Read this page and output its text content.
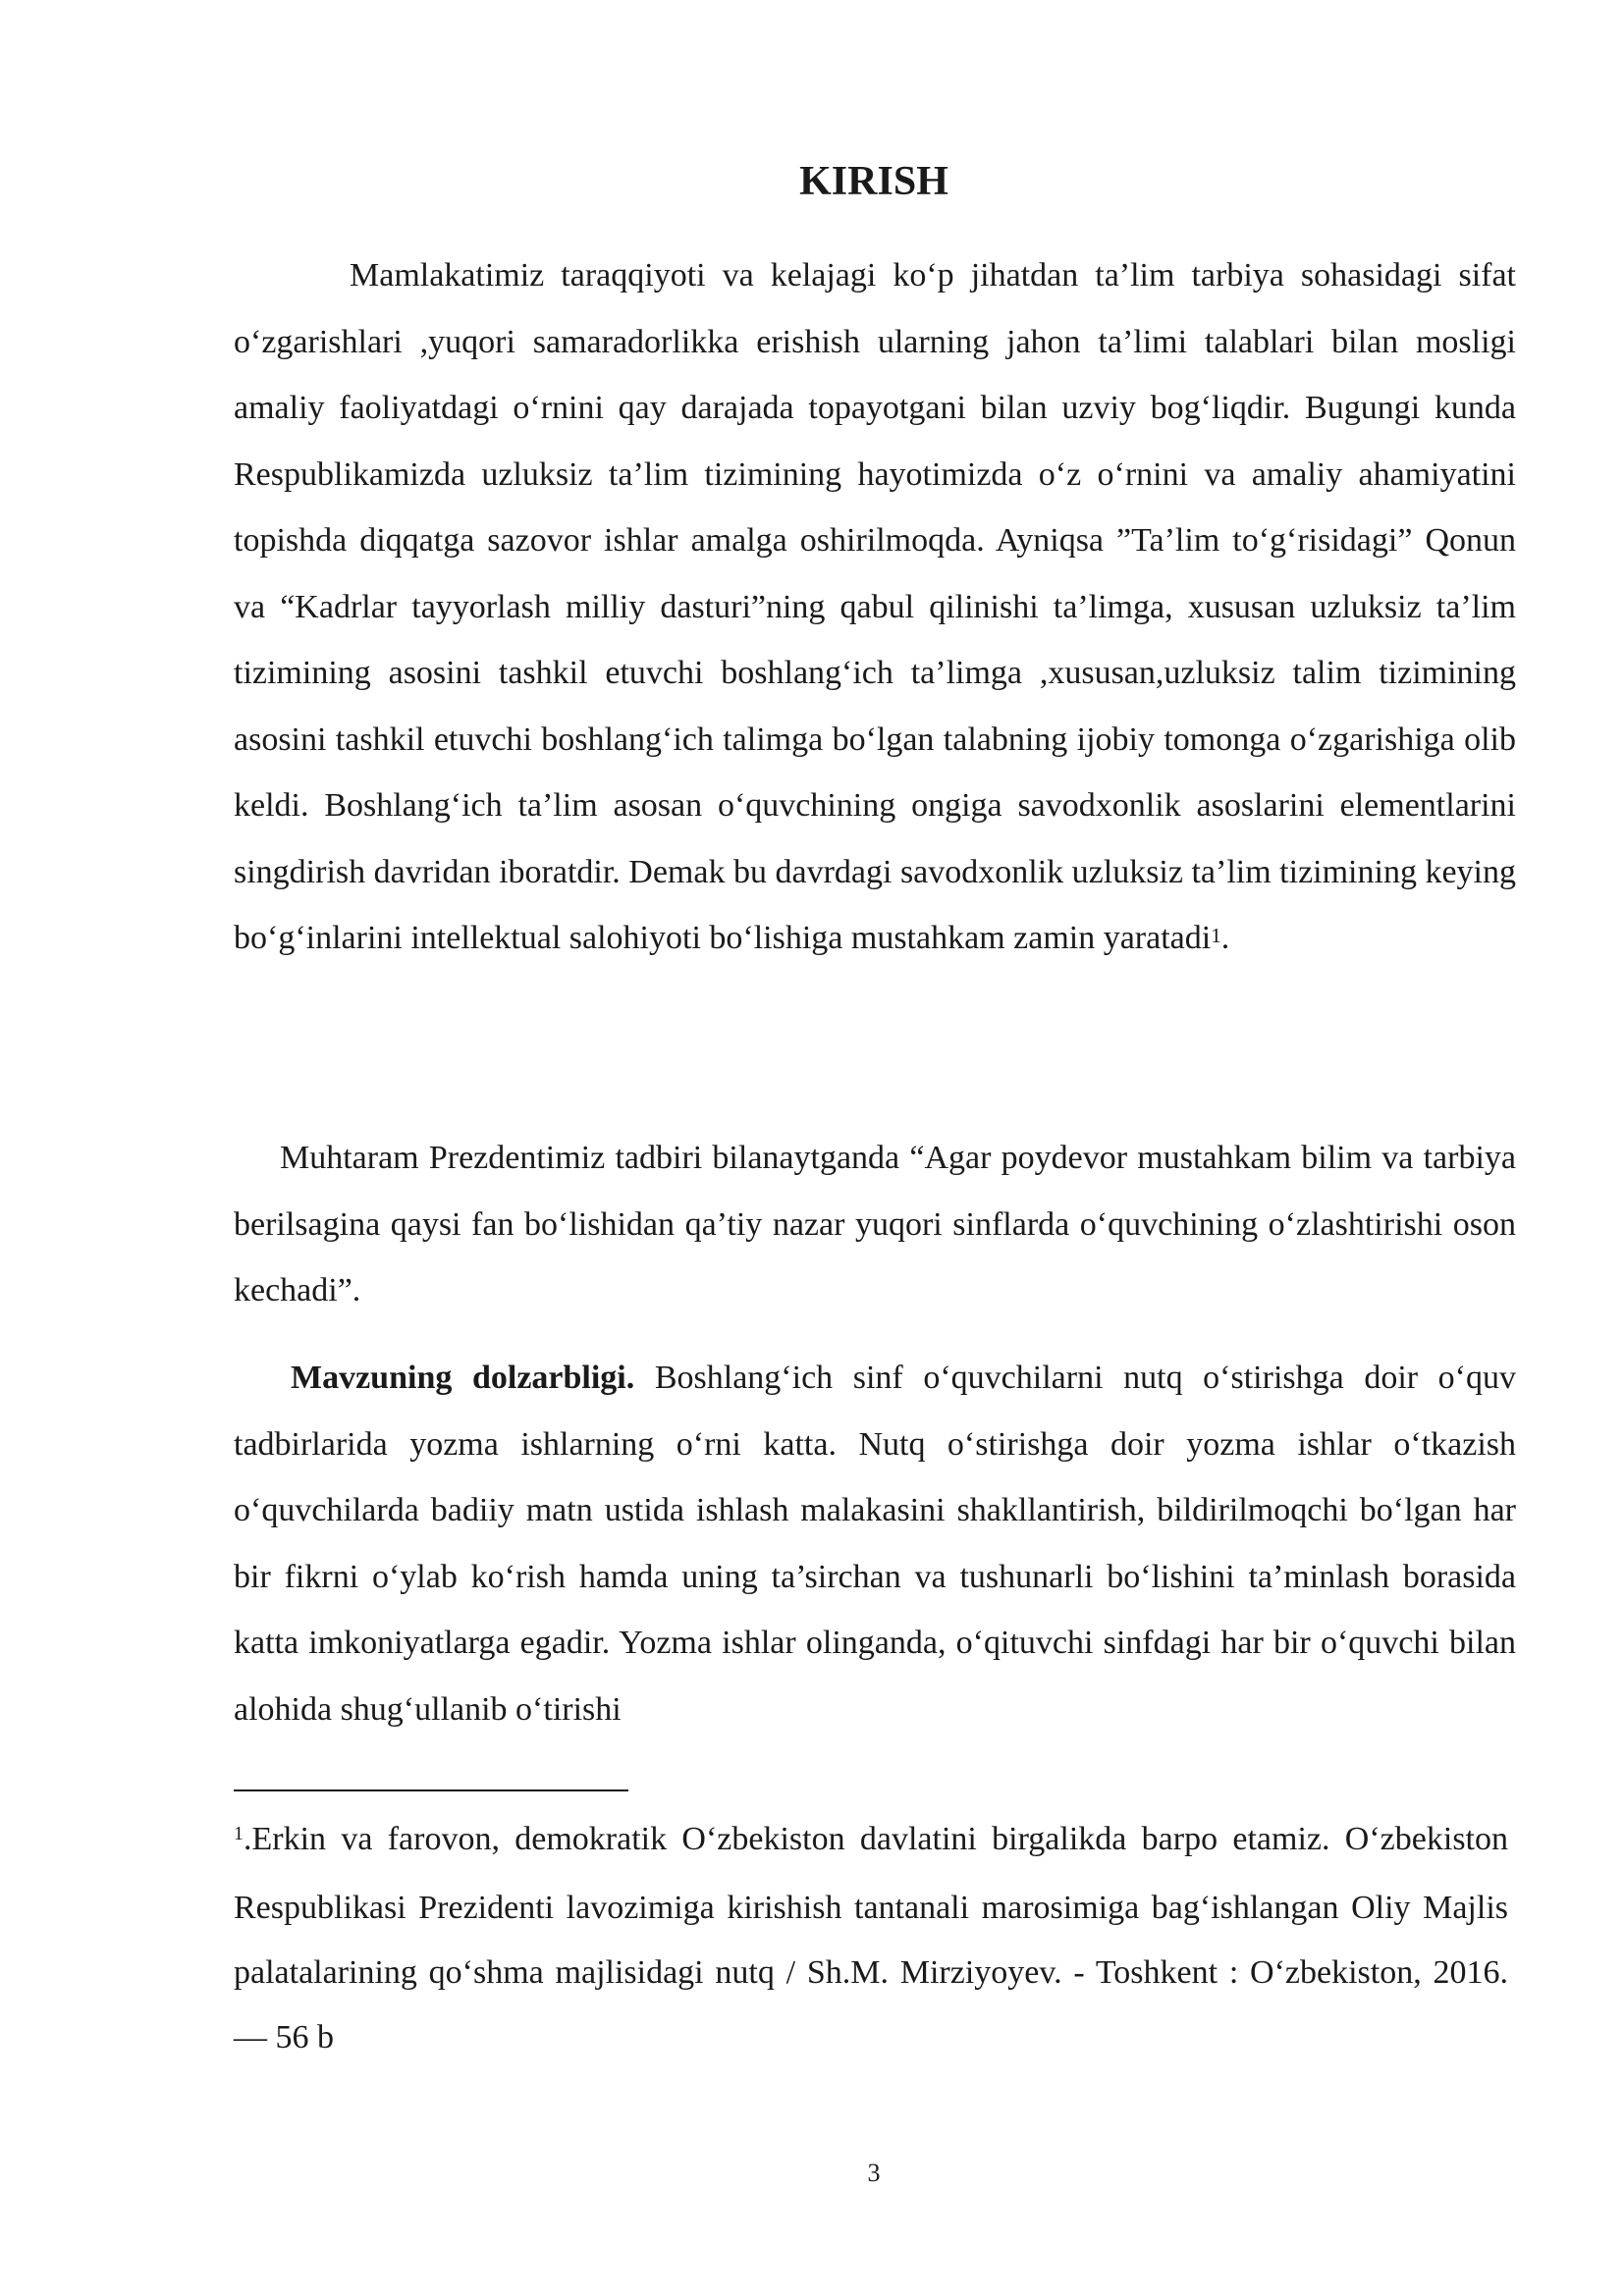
KIRISH

Mamlakatimiz taraqqiyoti va kelajagi ko‘p jihatdan ta’lim tarbiya sohasidagi sifat o‘zgarishlari ,yuqori samaradorlikka erishish ularning jahon ta’limi talablari bilan mosligi amaliy faoliyatdagi o‘rnini qay darajada topayotgani bilan uzviy bog‘liqdir. Bugungi kunda Respublikamizda uzluksiz ta’lim tizimining hayotimizda o‘z o‘rnini va amaliy ahamiyatini topishda diqqatga sazovor ishlar amalga oshirilmoqda. Ayniqsa ”Ta’lim to‘g‘risidagi” Qonun va “Kadrlar tayyorlash milliy dasturi”ning qabul qilinishi ta’limga, xususan uzluksiz ta’lim tizimining asosini tashkil etuvchi boshlang‘ich ta’limga ,xususan,uzluksiz talim tizimining asosini tashkil etuvchi boshlang‘ich talimga bo‘lgan talabning ijobiy tomonga o‘zgarishiga olib keldi. Boshlang‘ich ta’lim asosan o‘quvchining ongiga savodxonlik asoslarini elementlarini singdirish davridan iboratdir. Demak bu davrdagi savodxonlik uzluksiz ta’lim tizimining keying bo‘g‘inlarini intellektual salohiyoti bo‘lishiga mustahkam zamin yaratadi$^1$.

Muhtaram Prezdentimiz tadbiri bilanaytganda “Agar poydevor mustahkam bilim va tarbiya berilsagina qaysi fan bo‘lishidan qa’tiy nazar yuqori sinflarda o‘quvchining o‘zlashtirishi oson kechadi”.

Mavzuning dolzarbligi. Boshlang‘ich sinf o‘quvchilarni nutq o‘stirishga doir o‘quv tadbirlarida yozma ishlarning o‘rni katta. Nutq o‘stirishga doir yozma ishlar o‘tkazish o‘quvchilarda badiiy matn ustida ishlash malakasini shakllantirish, bildirilmoqchi bo‘lgan har bir fikrni o‘ylab ko‘rish hamda uning ta’sirchan va tushunarli bo‘lishini ta’minlash borasida katta imkoniyatlarga egadir. Yozma ishlar olinganda, o‘qituvchi sinfdagi har bir o‘quvchi bilan alohida shug‘ullanib o‘tirishi

$^1$.Erkin va farovon, demokratik O‘zbekiston davlatini birgalikda barpo etamiz. O‘zbekiston Respublikasi Prezidenti lavozimiga kirishish tantanali marosimiga bag‘ishlangan Oliy Majlis palatalarining qo‘shma majlisidagi nutq / Sh.M. Mirziyoyev. - Toshkent : O‘zbekiston, 2016. — 56 b

3
